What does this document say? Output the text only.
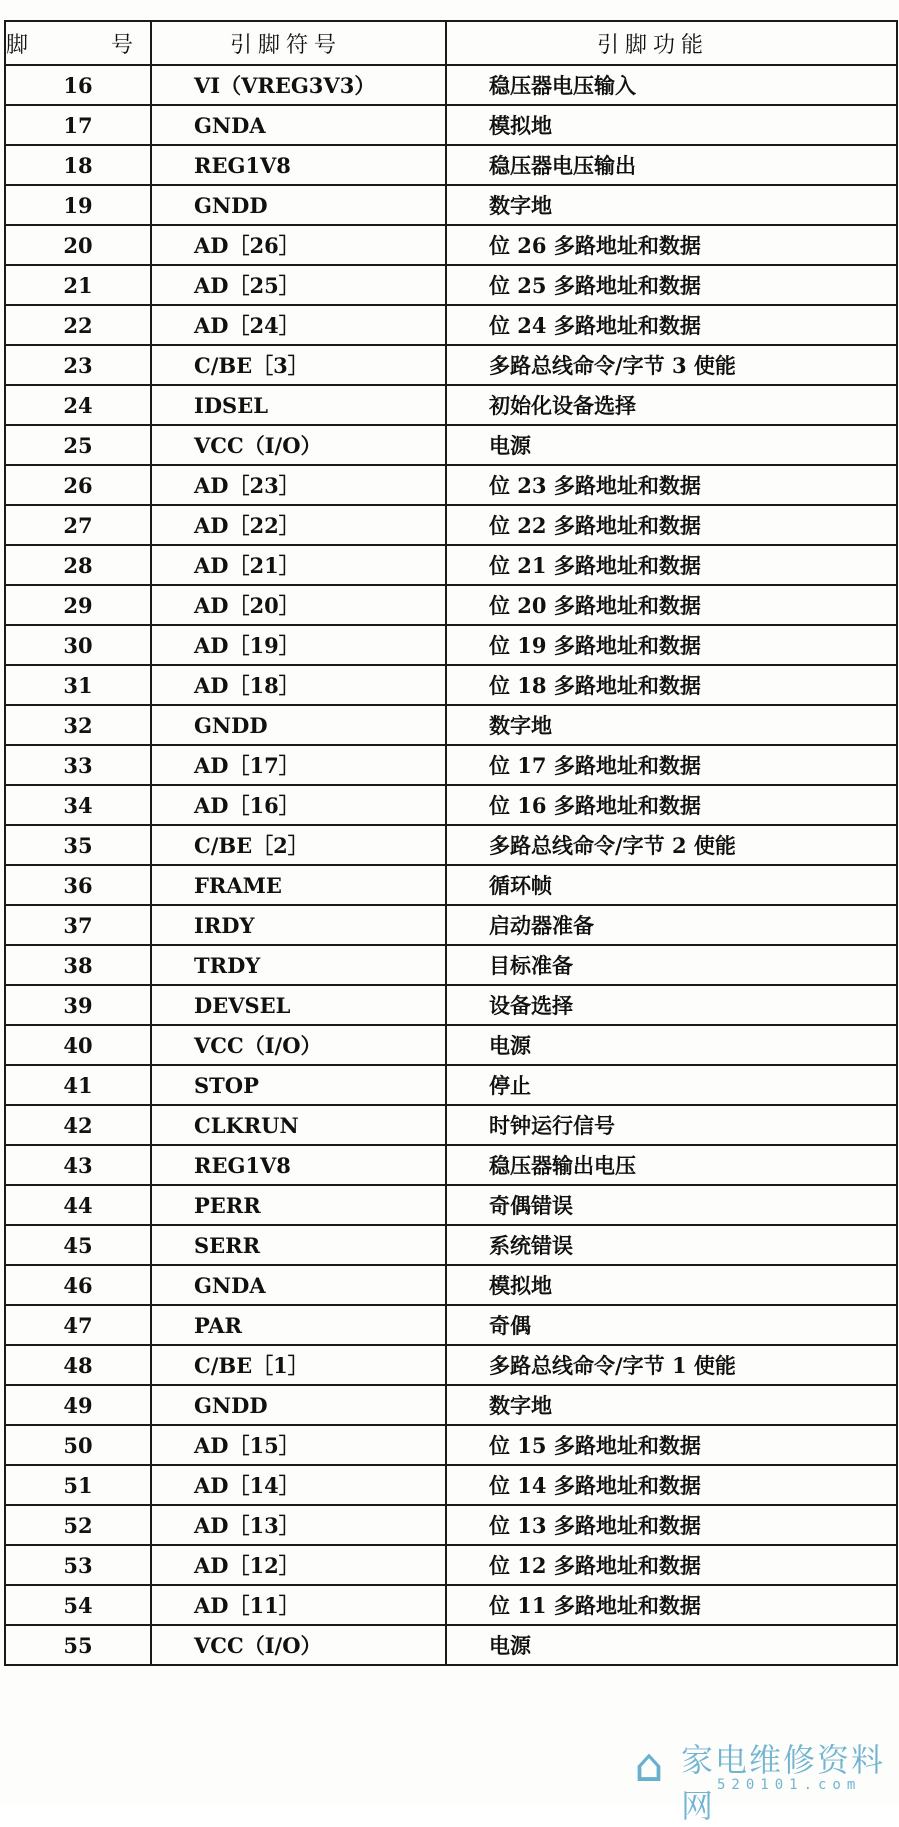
脚 号	引脚符号	引脚功能
16	VI（VREG3V3）	稳压器电压输入
17	GNDA	模拟地
18	REG1V8	稳压器电压输出
19	GNDD	数字地
20	AD［26］	位 26 多路地址和数据
21	AD［25］	位 25 多路地址和数据
22	AD［24］	位 24 多路地址和数据
23	C/BE［3］	多路总线命令/字节 3 使能
24	IDSEL	初始化设备选择
25	VCC（I/O）	电源
26	AD［23］	位 23 多路地址和数据
27	AD［22］	位 22 多路地址和数据
28	AD［21］	位 21 多路地址和数据
29	AD［20］	位 20 多路地址和数据
30	AD［19］	位 19 多路地址和数据
31	AD［18］	位 18 多路地址和数据
32	GNDD	数字地
33	AD［17］	位 17 多路地址和数据
34	AD［16］	位 16 多路地址和数据
35	C/BE［2］	多路总线命令/字节 2 使能
36	FRAME	循环帧
37	IRDY	启动器准备
38	TRDY	目标准备
39	DEVSEL	设备选择
40	VCC（I/O）	电源
41	STOP	停止
42	CLKRUN	时钟运行信号
43	REG1V8	稳压器输出电压
44	PERR	奇偶错误
45	SERR	系统错误
46	GNDA	模拟地
47	PAR	奇偶
48	C/BE［1］	多路总线命令/字节 1 使能
49	GNDD	数字地
50	AD［15］	位 15 多路地址和数据
51	AD［14］	位 14 多路地址和数据
52	AD［13］	位 13 多路地址和数据
53	AD［12］	位 12 多路地址和数据
54	AD［11］	位 11 多路地址和数据
55	VCC（I/O）	电源
⌂ 家电维修资料网
520101.com
